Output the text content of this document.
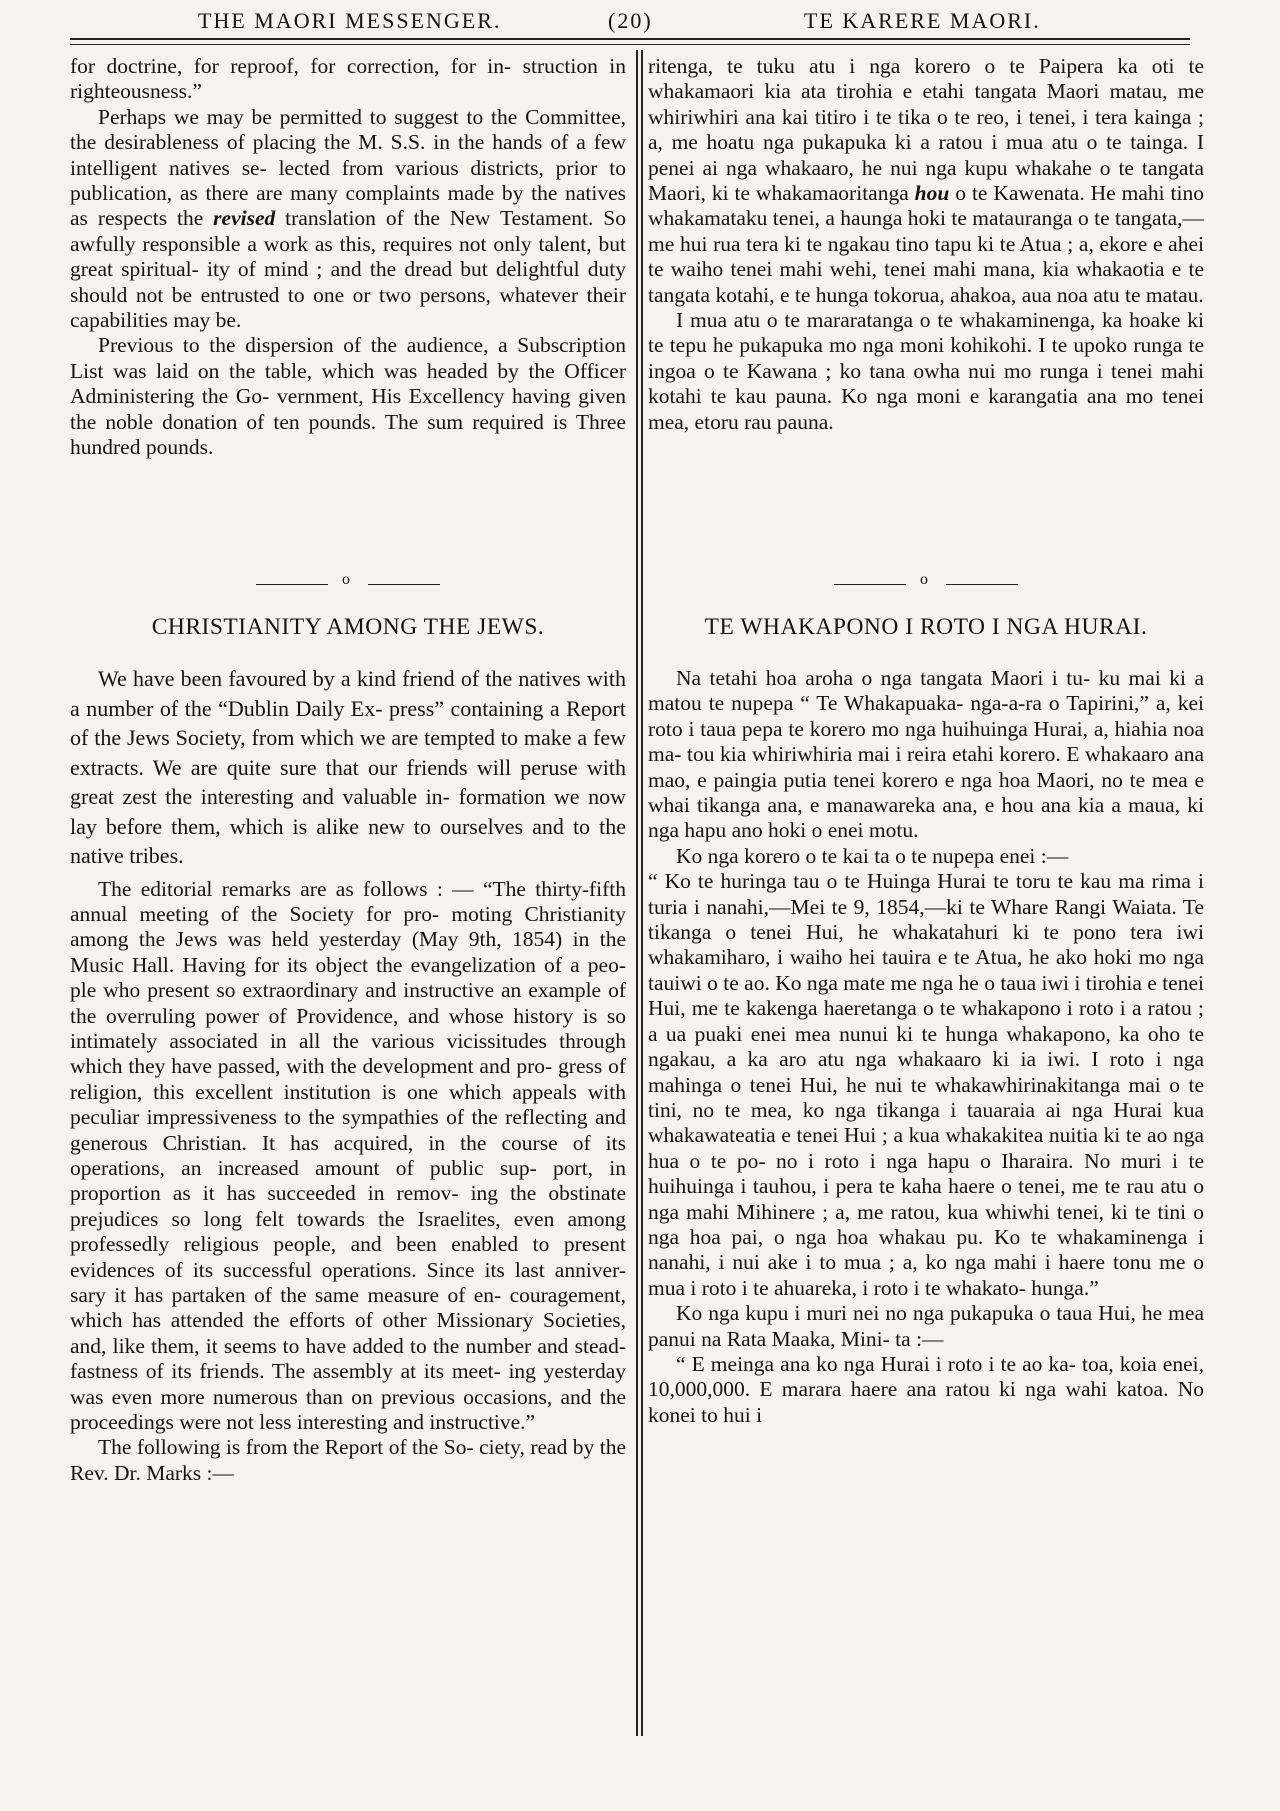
THE MAORI MESSENGER.	(20)	TE KARERE MAORI.

for doctrine, for reproof, for correction, for in- struction in righteousness.”

Perhaps we may be permitted to suggest to the Committee, the desirableness of placing the M. S.S. in the hands of a few intelligent natives se- lected from various districts, prior to publication, as there are many complaints made by the natives as respects the revised translation of the New Testament. So awfully responsible a work as this, requires not only talent, but great spiritual- ity of mind ; and the dread but delightful duty should not be entrusted to one or two persons, whatever their capabilities may be.

Previous to the dispersion of the audience, a Subscription List was laid on the table, which was headed by the Officer Administering the Go- vernment, His Excellency having given the noble donation of ten pounds. The sum required is Three hundred pounds.

ritenga, te tuku atu i nga korero o te Paipera ka oti te whakamaori kia ata tirohia e etahi tangata Maori matau, me whiriwhiri ana kai titiro i te tika o te reo, i tenei, i tera kainga ; a, me hoatu nga pukapuka ki a ratou i mua atu o te tainga. I penei ai nga whakaaro, he nui nga kupu whakahe o te tangata Maori, ki te whakamaoritanga hou o te Kawenata. He mahi tino whakamataku tenei, a haunga hoki te matauranga o te tangata,—me hui rua tera ki te ngakau tino tapu ki te Atua ; a, ekore e ahei te waiho tenei mahi wehi, tenei mahi mana, kia whakaotia e te tangata kotahi, e te hunga tokorua, ahakoa, aua noa atu te matau.

I mua atu o te mararatanga o te whakaminenga, ka hoake ki te tepu he pukapuka mo nga moni kohikohi. I te upoko runga te ingoa o te Kawana ; ko tana owha nui mo runga i tenei mahi kotahi te kau pauna. Ko nga moni e karangatia ana mo tenei mea, etoru rau pauna.

o	o
CHRISTIANITY AMONG THE JEWS.	TE WHAKAPONO I ROTO I NGA HURAI.

We have been favoured by a kind friend of the natives with a number of the “Dublin Daily Ex- press” containing a Report of the Jews Society, from which we are tempted to make a few extracts. We are quite sure that our friends will peruse with great zest the interesting and valuable in- formation we now lay before them, which is alike new to ourselves and to the native tribes.

The editorial remarks are as follows : — “The thirty-fifth annual meeting of the Society for pro- moting Christianity among the Jews was held yesterday (May 9th, 1854) in the Music Hall. Having for its object the evangelization of a peo- ple who present so extraordinary and instructive an example of the overruling power of Providence, and whose history is so intimately associated in all the various vicissitudes through which they have passed, with the development and pro- gress of religion, this excellent institution is one which appeals with peculiar impressiveness to the sympathies of the reflecting and generous Christian. It has acquired, in the course of its operations, an increased amount of public sup- port, in proportion as it has succeeded in remov- ing the obstinate prejudices so long felt towards the Israelites, even among professedly religious people, and been enabled to present evidences of its successful operations. Since its last anniver- sary it has partaken of the same measure of en- couragement, which has attended the efforts of other Missionary Societies, and, like them, it seems to have added to the number and stead- fastness of its friends. The assembly at its meet- ing yesterday was even more numerous than on previous occasions, and the proceedings were not less interesting and instructive.”

The following is from the Report of the So- ciety, read by the Rev. Dr. Marks :—

Na tetahi hoa aroha o nga tangata Maori i tu- ku mai ki a matou te nupepa “ Te Whakapuaka- nga-a-ra o Tapirini,” a, kei roto i taua pepa te korero mo nga huihuinga Hurai, a, hiahia noa ma- tou kia whiriwhiria mai i reira etahi korero. E whakaaro ana mao, e paingia putia tenei korero e nga hoa Maori, no te mea e whai tikanga ana, e manawareka ana, e hou ana kia a maua, ki nga hapu ano hoki o enei motu.

Ko nga korero o te kai ta o te nupepa enei :—

“ Ko te huringa tau o te Huinga Hurai te toru te kau ma rima i turia i nanahi,—Mei te 9, 1854,—ki te Whare Rangi Waiata. Te tikanga o tenei Hui, he whakatahuri ki te pono tera iwi whakamiharo, i waiho hei tauira e te Atua, he ako hoki mo nga tauiwi o te ao. Ko nga mate me nga he o taua iwi i tirohia e tenei Hui, me te kakenga haeretanga o te whakapono i roto i a ratou ; a ua puaki enei mea nunui ki te hunga whakapono, ka oho te ngakau, a ka aro atu nga whakaaro ki ia iwi. I roto i nga mahinga o tenei Hui, he nui te whakawhirinakitanga mai o te tini, no te mea, ko nga tikanga i tauaraia ai nga Hurai kua whakawateatia e tenei Hui ; a kua whakakitea nuitia ki te ao nga hua o te po- no i roto i nga hapu o Iharaira. No muri i te huihuinga i tauhou, i pera te kaha haere o tenei, me te rau atu o nga mahi Mihinere ; a, me ratou, kua whiwhi tenei, ki te tini o nga hoa pai, o nga hoa whakau pu. Ko te whakaminenga i nanahi, i nui ake i to mua ; a, ko nga mahi i haere tonu me o mua i roto i te ahuareka, i roto i te whakato- hunga.”

Ko nga kupu i muri nei no nga pukapuka o taua Hui, he mea panui na Rata Maaka, Mini- ta :—

“ E meinga ana ko nga Hurai i roto i te ao ka- toa, koia enei, 10,000,000. E marara haere ana ratou ki nga wahi katoa. No konei to hui i
